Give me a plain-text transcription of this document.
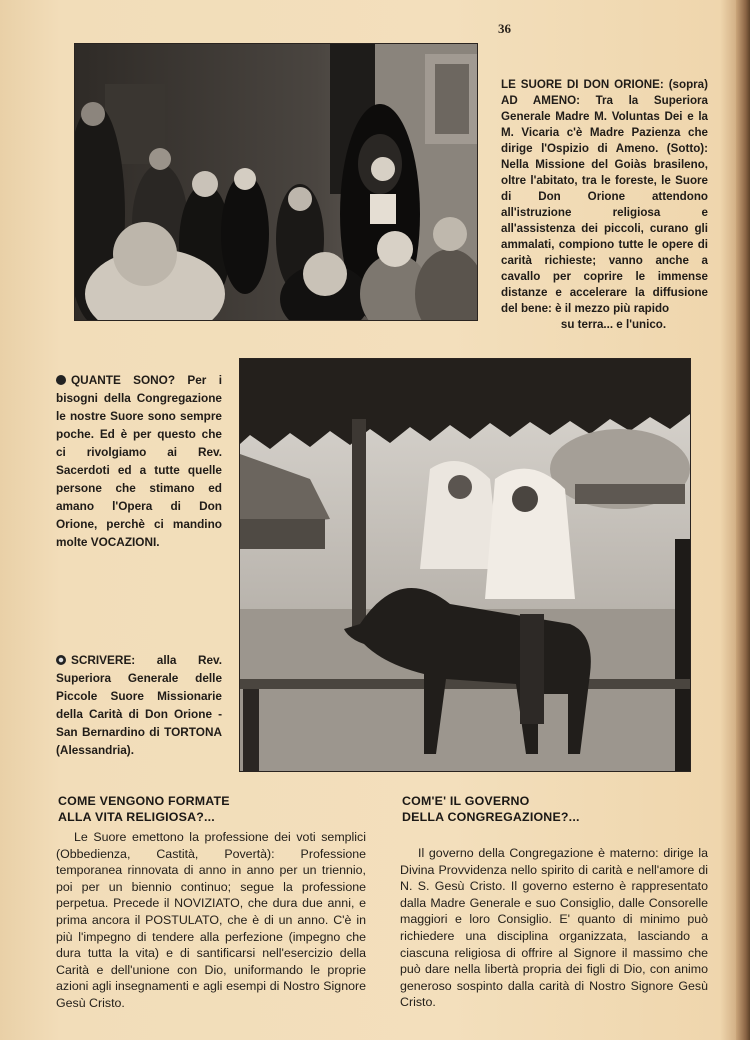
36
LE SUORE DI DON ORIONE: (sopra) AD AMENO: Tra la Superiora Generale Madre M. Voluntas Dei e la M. Vicaria c'è Madre Pazienza che dirige l'Ospizio di Ameno. (Sotto): Nella Missione del Goiàs brasileno, oltre l'abitato, tra le foreste, le Suore di Don Orione attendono all'istruzione religiosa e all'assistenza dei piccoli, curano gli ammalati, compiono tutte le opere di carità richieste; vanno anche a cavallo per coprire le immense distanze e accelerare la diffusione del bene: è il mezzo più rapido
su terra... e l'unico.
QUANTE SONO? Per i bisogni della Congregazione le nostre Suore sono sempre poche. Ed è per questo che ci rivolgiamo ai Rev. Sacerdoti ed a tutte quelle persone che stimano ed amano l'Opera di Don Orione, perchè ci mandino molte VOCAZIONI.
SCRIVERE: alla Rev. Superiora Generale delle Piccole Suore Missionarie della Carità di Don Orione - San Bernardino di TORTONA (Alessandria).
COME VENGONO FORMATE
ALLA VITA RELIGIOSA?...
Le Suore emettono la professione dei voti semplici (Obbedienza, Castità, Povertà): Professione temporanea rinnovata di anno in anno per un triennio, poi per un biennio continuo; segue la professione perpetua. Precede il NOVIZIATO, che dura due anni, e prima ancora il POSTULATO, che è di un anno. C'è in più l'impegno di tendere alla perfezione (impegno che dura tutta la vita) e di santificarsi nell'esercizio della Carità e dell'unione con Dio, uniformando le proprie azioni agli insegnamenti e agli esempi di Nostro Signore Gesù Cristo.
COM'E' IL GOVERNO
DELLA CONGREGAZIONE?...
Il governo della Congregazione è materno: dirige la Divina Provvidenza nello spirito di carità e nell'amore di N. S. Gesù Cristo. Il governo esterno è rappresentato dalla Madre Generale e suo Consiglio, dalle Consorelle maggiori e loro Consiglio. E' quanto di minimo può richiedere una disciplina organizzata, lasciando a ciascuna religiosa di offrire al Signore il massimo che può dare nella libertà propria dei figli di Dio, con animo generoso sospinto dalla carità di Nostro Signore Gesù Cristo.
